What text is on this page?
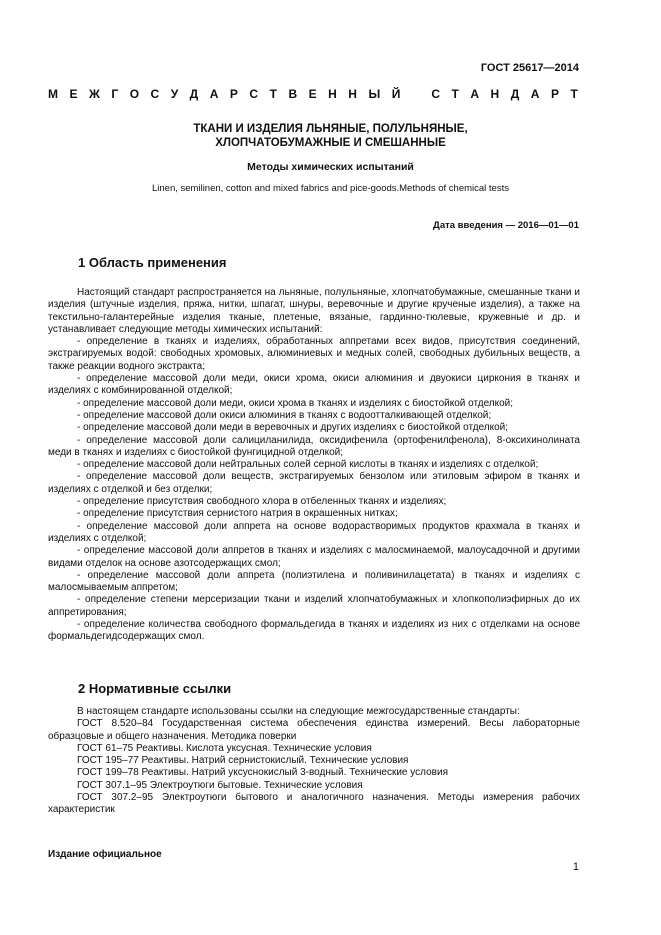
ГОСТ 25617—2014
М Е Ж Г О С У Д А Р С Т В Е Н Н Ы Й	С Т А Н Д А Р Т
ТКАНИ И ИЗДЕЛИЯ ЛЬНЯНЫЕ, ПОЛУЛЬНЯНЫЕ,
ХЛОПЧАТОБУМАЖНЫЕ И СМЕШАННЫЕ
Методы химических испытаний
Linen, semilinen, cotton and mixed fabrics and pice-goods.Methods of chemical tests
Дата введения — 2016—01—01
1 Область применения

Настоящий стандарт распространяется на льняные, полульняные, хлопчатобумажные, смешанные ткани и изделия (штучные изделия, пряжа, нитки, шпагат, шнуры, веревочные и другие крученые изделия), а также на текстильно-галантерейные изделия тканые, плетеные, вязаные, гардинно-тюлевые, кружевные и др. и устанавливает следующие методы химических испытаний:

- определение в тканях и изделиях, обработанных аппретами всех видов, присутствия соединений, экстрагируемых водой: свободных хромовых, алюминиевых и медных солей, свободных дубильных веществ, а также реакции водного экстракта;

- определение массовой доли меди, окиси хрома, окиси алюминия и двуокиси циркония в тканях и изделиях с комбинированной отделкой;

- определение массовой доли меди, окиси хрома в тканях и изделиях с биостойкой отделкой;

- определение массовой доли окиси алюминия в тканях с водоотталкивающей отделкой;

- определение массовой доли меди в веревочных и других изделиях с биостойкой отделкой;

- определение массовой доли салициланилида, оксидифенила (ортофенилфенола), 8-оксихинолината меди в тканях и изделиях с биостойкой фунгицидной отделкой;

- определение массовой доли нейтральных солей серной кислоты в тканях и изделиях с отделкой;

- определение массовой доли веществ, экстрагируемых бензолом или этиловым эфиром в тканях и изделиях с отделкой и без отделки;

- определение присутствия свободного хлора в отбеленных тканях и изделиях;

- определение присутствия сернистого натрия в окрашенных нитках;

- определение массовой доли аппрета на основе водорастворимых продуктов крахмала в тканях и изделиях с отделкой;

- определение массовой доли аппретов в тканях и изделиях с малосминаемой, малоусадочной и другими видами отделок на основе азотсодержащих смол;

- определение массовой доли аппрета (полиэтилена и поливинилацетата) в тканях и изделиях с малосмываемым аппретом;

- определение степени мерсеризации ткани и изделий хлопчатобумажных и хлопкополиэфирных до их аппретирования;

- определение количества свободного формальдегида в тканях и изделиях из них с отделками на основе формальдегидсодержащих смол.

2 Нормативные ссылки

В настоящем стандарте использованы ссылки на следующие межгосударственные стандарты:

ГОСТ 8.520–84 Государственная система обеспечения единства измерений. Весы лабораторные образцовые и общего назначения. Методика поверки

ГОСТ 61–75 Реактивы. Кислота уксусная. Технические условия

ГОСТ 195–77 Реактивы. Натрий сернистокислый. Технические условия

ГОСТ 199–78 Реактивы. Натрий уксуснокислый 3-водный. Технические условия

ГОСТ 307.1–95 Электроутюги бытовые. Технические условия

ГОСТ 307.2–95 Электроутюги бытового и аналогичного назначения. Методы измерения рабочих характеристик

Издание официальное
1
